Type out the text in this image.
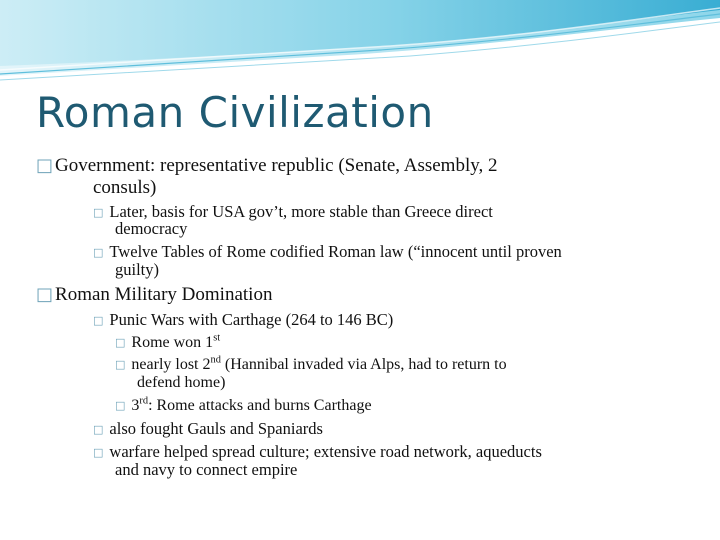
Roman Civilization
□ Government: representative republic (Senate, Assembly, 2
consuls)
□ Later, basis for USA gov’t, more stable than Greece direct
democracy
□ Twelve Tables of Rome codified Roman law (“innocent until proven
guilty)
□ Roman Military Domination
□ Punic Wars with Carthage (264 to 146 BC)
□ Rome won 1st
□ nearly lost 2nd (Hannibal invaded via Alps, had to return to
defend home)
□ 3rd: Rome attacks and burns Carthage
□ also fought Gauls and Spaniards
□ warfare helped spread culture; extensive road network, aqueducts
and navy to connect empire
